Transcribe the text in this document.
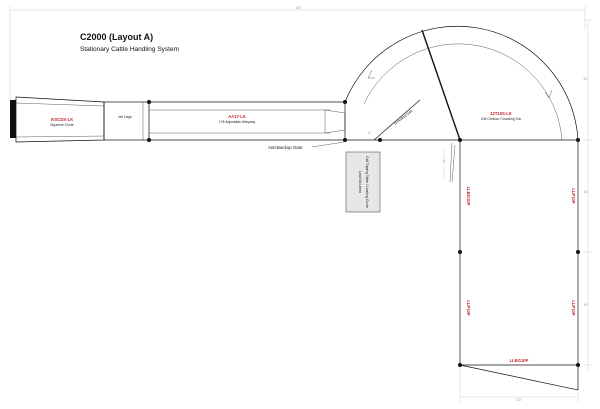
C2000 (Layout A)
Stationary Cattle Handling System
45'
10'
10'
10'
IVSCDX-LK
Squeeze Chute
Vet Cage	AA17-LK
17ft Adjustable Alleyway
12T10S-LK
10ft Contour Crowding Tub
Crowding Gate
Anti-Backup Gate
4'
Lead Out Area Calf Tipping Table / Loading Chute	4'
LLBG10P
LLP10P
LLP10P
LLP10P
LLBG10P
10'
